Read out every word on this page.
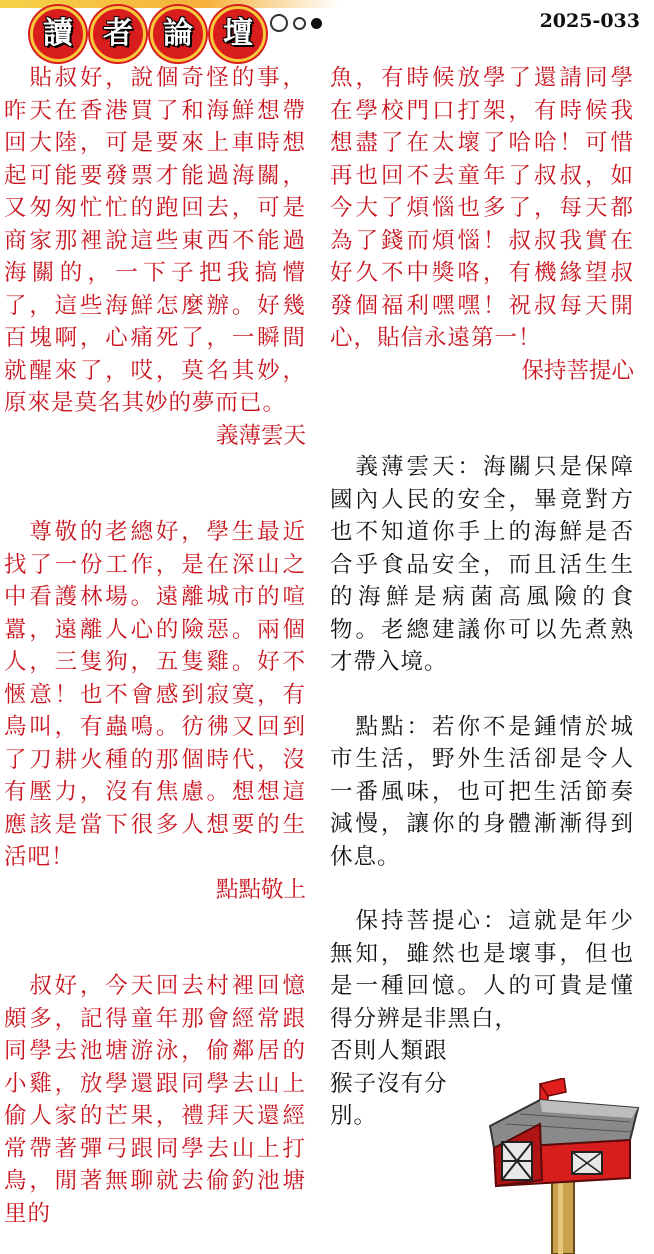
讀 者 論 壇	2025-033

　貼叔好，說個奇怪的事，昨天在香港買了和海鮮想帶回大陸，可是要來上車時想起可能要發票才能過海關，又匆匆忙忙的跑回去，可是商家那裡說這些東西不能過海關的，一下子把我搞懵了，這些海鮮怎麼辦。好幾百塊啊，心痛死了，一瞬間就醒來了，哎，莫名其妙，原來是莫名其妙的夢而已。

義薄雲天

　尊敬的老總好，學生最近找了一份工作，是在深山之中看護林場。遠離城市的喧囂，遠離人心的險惡。兩個人，三隻狗，五隻雞。好不愜意！也不會感到寂寞，有鳥叫，有蟲鳴。彷彿又回到了刀耕火種的那個時代，沒有壓力，沒有焦慮。想想這應該是當下很多人想要的生活吧！

點點敬上

　叔好，今天回去村裡回憶頗多，記得童年那會經常跟同學去池塘游泳，偷鄰居的小雞，放學還跟同學去山上偷人家的芒果，禮拜天還經常帶著彈弓跟同學去山上打鳥，閒著無聊就去偷釣池塘里的

魚，有時候放學了還請同學在學校門口打架，有時候我想盡了在太壞了哈哈！可惜再也回不去童年了叔叔，如今大了煩惱也多了，每天都為了錢而煩惱！叔叔我實在好久不中獎咯，有機緣望叔發個福利嘿嘿！祝叔每天開心，貼信永遠第一！

保持菩提心

　義薄雲天：海關只是保障國內人民的安全，畢竟對方也不知道你手上的海鮮是否合乎食品安全，而且活生生的海鮮是病菌高風險的食物。老總建議你可以先煮熟才帶入境。

　點點：若你不是鍾情於城市生活，野外生活卻是令人一番風味，也可把生活節奏減慢，讓你的身體漸漸得到休息。

　保持菩提心：這就是年少無知，雖然也是壞事，但也是一種回憶。人的可貴是懂得分辨是非黑白，

否則人類跟

猴子沒有分

別。
